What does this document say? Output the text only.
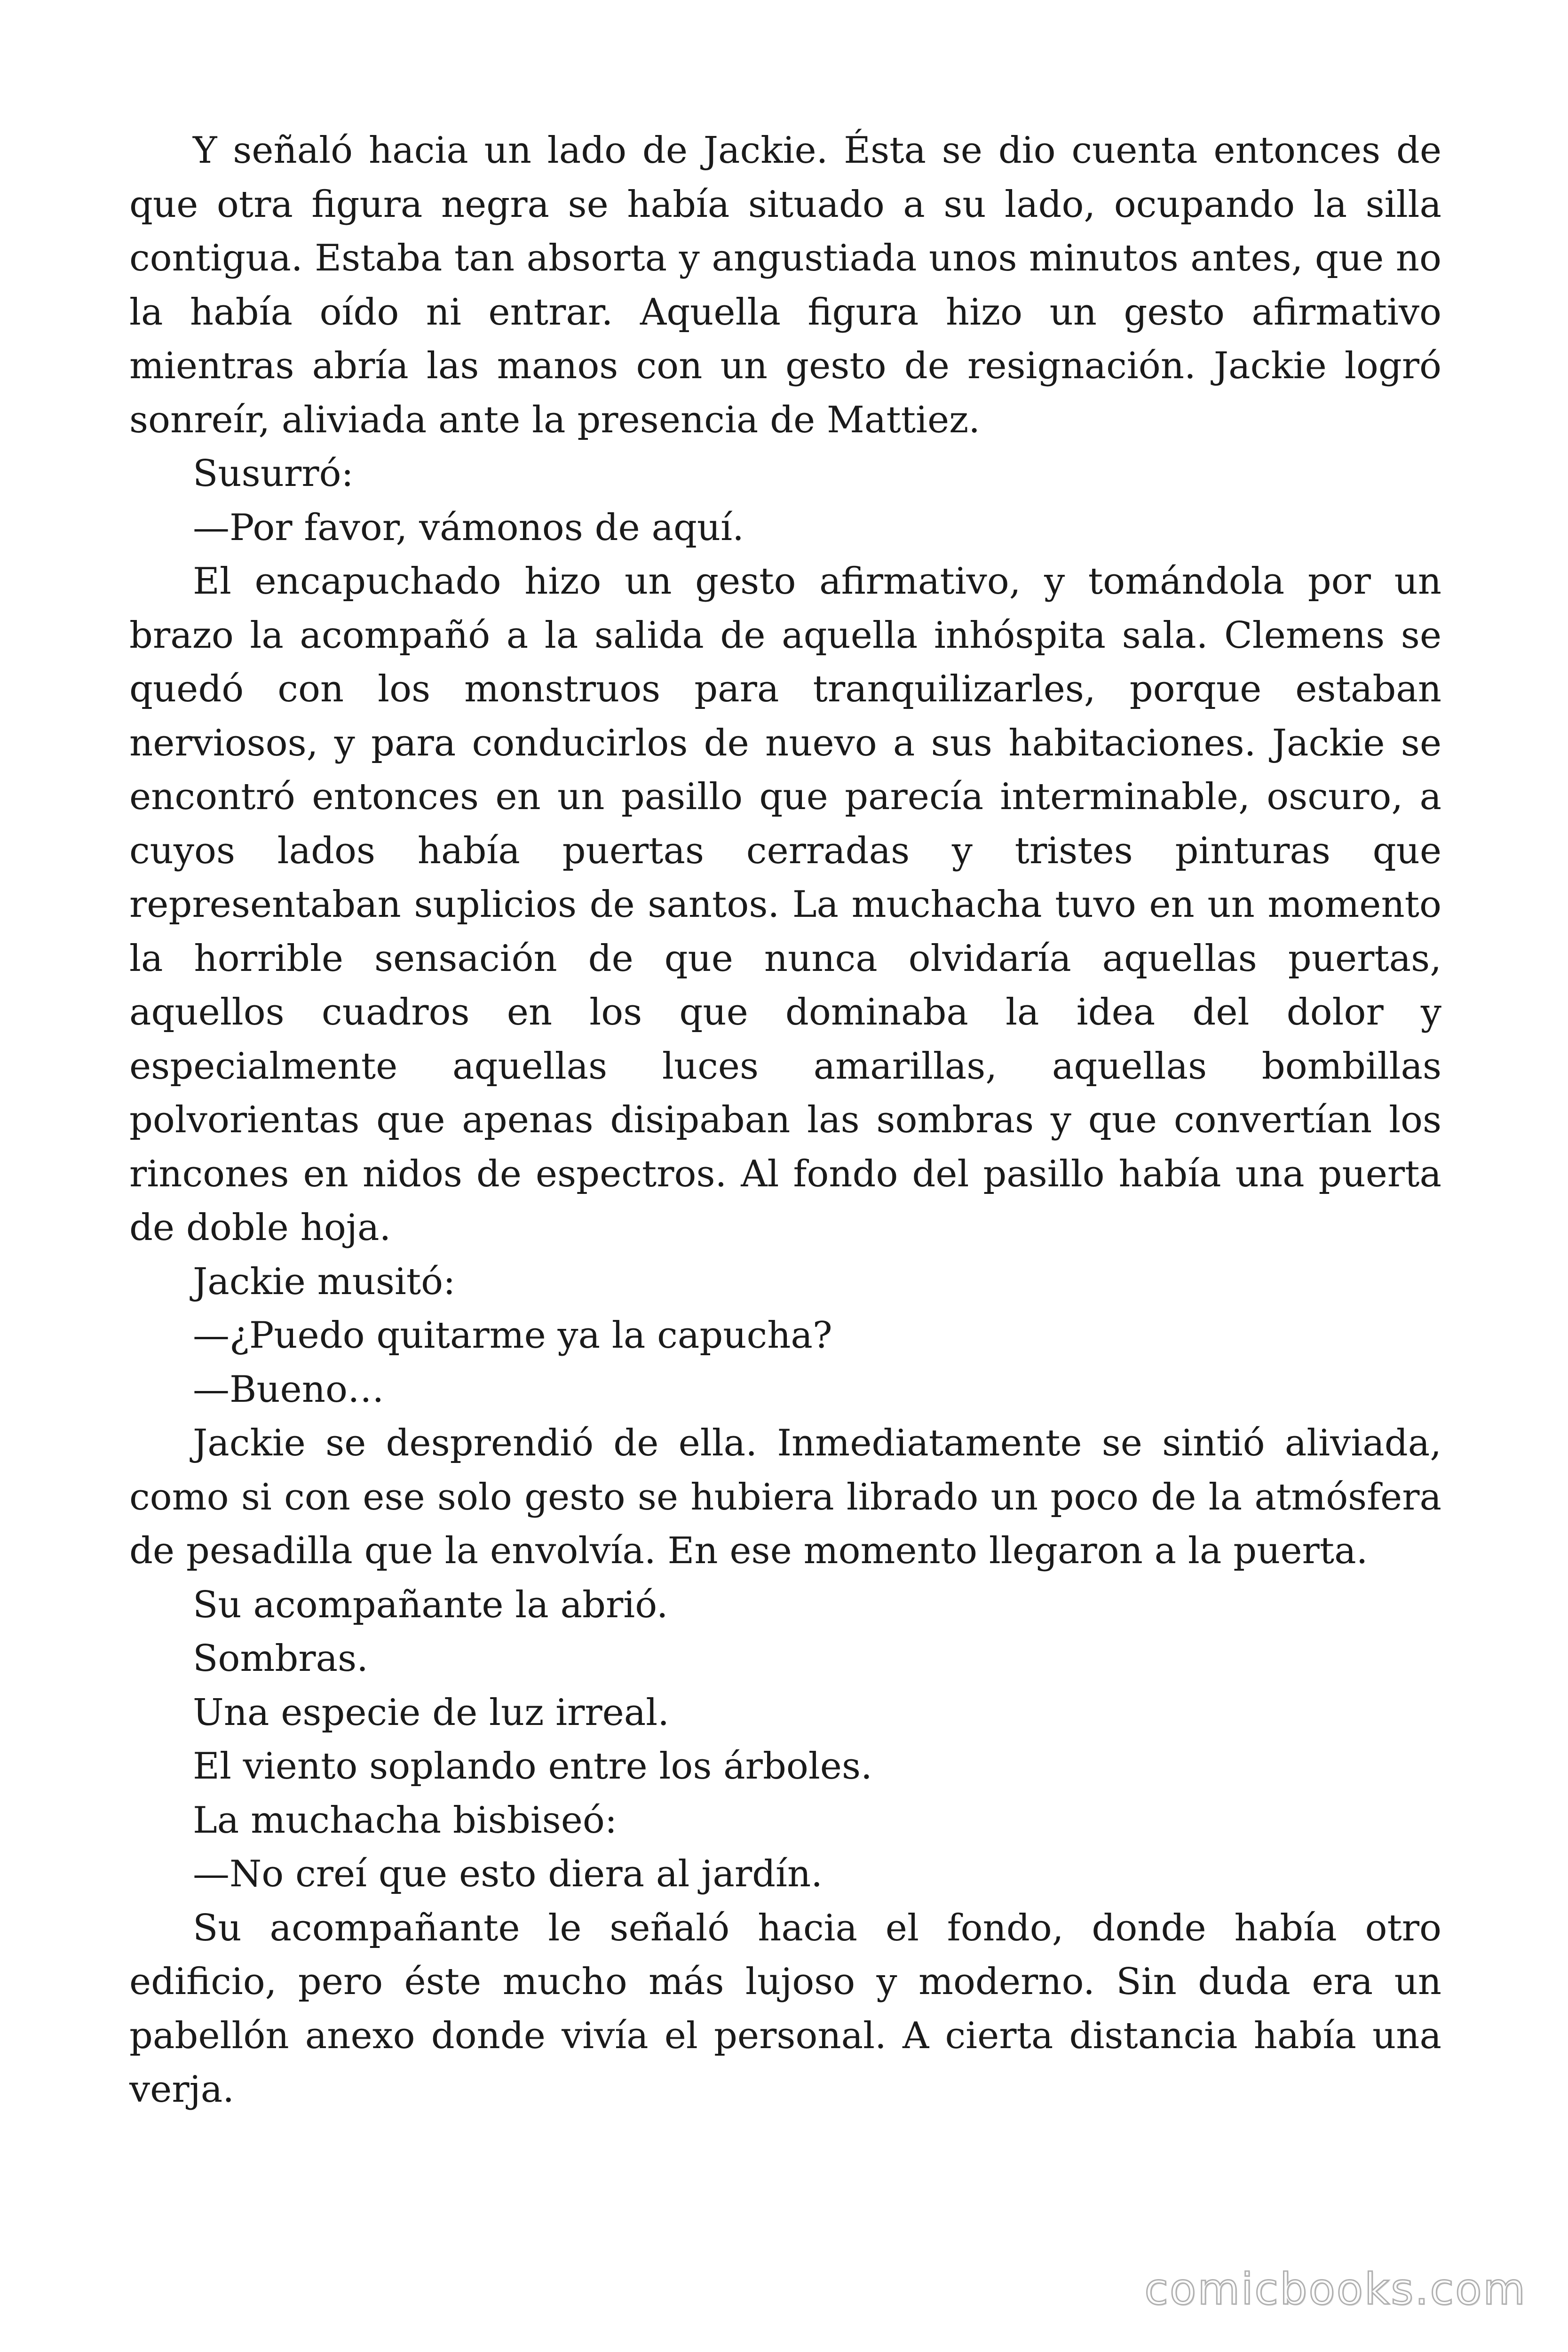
Y señaló hacia un lado de Jackie. Ésta se dio cuenta entonces de que otra figura negra se había situado a su lado, ocupando la silla contigua. Estaba tan absorta y angustiada unos minutos antes, que no la había oído ni entrar. Aquella figura hizo un gesto afirmativo mientras abría las manos con un gesto de resignación. Jackie logró sonreír, aliviada ante la presencia de Mattiez.

Susurró:

—Por favor, vámonos de aquí.

El encapuchado hizo un gesto afirmativo, y tomándola por un brazo la acompañó a la salida de aquella inhóspita sala. Clemens se quedó con los monstruos para tranquilizarles, porque estaban nerviosos, y para conducirlos de nuevo a sus habitaciones. Jackie se encontró entonces en un pasillo que parecía interminable, oscuro, a cuyos lados había puertas cerradas y tristes pinturas que representaban suplicios de santos. La muchacha tuvo en un momento la horrible sensación de que nunca olvidaría aquellas puertas, aquellos cuadros en los que dominaba la idea del dolor y especialmente aquellas luces amarillas, aquellas bombillas polvorientas que apenas disipaban las sombras y que convertían los rincones en nidos de espectros. Al fondo del pasillo había una puerta de doble hoja.

Jackie musitó:

—¿Puedo quitarme ya la capucha?

—Bueno…

Jackie se desprendió de ella. Inmediatamente se sintió aliviada, como si con ese solo gesto se hubiera librado un poco de la atmósfera de pesadilla que la envolvía. En ese momento llegaron a la puerta.

Su acompañante la abrió.

Sombras.

Una especie de luz irreal.

El viento soplando entre los árboles.

La muchacha bisbiseó:

—No creí que esto diera al jardín.

Su acompañante le señaló hacia el fondo, donde había otro edificio, pero éste mucho más lujoso y moderno. Sin duda era un pabellón anexo donde vivía el personal. A cierta distancia había una verja.

comicbooks.com
